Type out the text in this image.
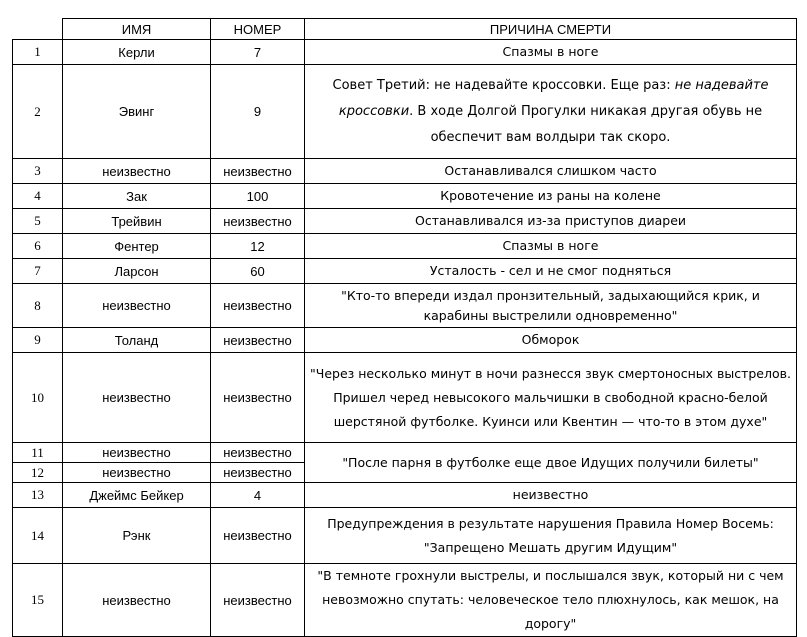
	ИМЯ	НОМЕР	ПРИЧИНА СМЕРТИ
1	Керли	7	Спазмы в ноге
2	Эвинг	9	Совет Третий: не надевайте кроссовки. Еще раз: не надевайте кроссовки. В ходе Долгой Прогулки никакая другая обувь не обеспечит вам волдыри так скоро.
3	неизвестно	неизвестно	Останавливался слишком часто
4	Зак	100	Кровотечение из раны на колене
5	Трейвин	неизвестно	Останавливался из-за приступов диареи
6	Фентер	12	Спазмы в ноге
7	Ларсон	60	Усталость - сел и не смог подняться
8	неизвестно	неизвестно	"Кто-то впереди издал пронзительный, задыхающийся крик, и карабины выстрелили одновременно"
9	Толанд	неизвестно	Обморок
10	неизвестно	неизвестно	"Через несколько минут в ночи разнесся звук смертоносных выстрелов. Пришел черед невысокого мальчишки в свободной красно-белой шерстяной футболке. Куинси или Квентин — что-то в этом духе"
11	неизвестно	неизвестно	"После парня в футболке еще двое Идущих получили билеты"
12	неизвестно	неизвестно	
13	Джеймс Бейкер	4	неизвестно
14	Рэнк	неизвестно	Предупреждения в результате нарушения Правила Номер Восемь:
"Запрещено Мешать другим Идущим"

15	неизвестно	неизвестно	"В темноте грохнули выстрелы, и послышался звук, который ни с чем невозможно спутать: человеческое тело плюхнулось, как мешок, на дорогу"
